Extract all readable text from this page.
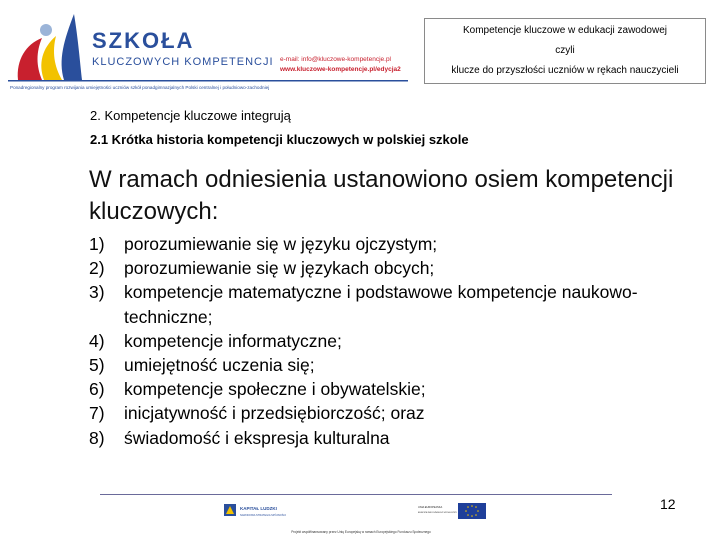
SZKOŁA
KLUCZOWYCH KOMPETENCJI e-mail: info@kluczowe-kompetencje.pl
www.kluczowe-kompetencje.pl/edycja2
Ponadregionalny program rozwijania umiejętności uczniów szkół ponadgimnazjalnych Polski centralnej i południowo-zachodniej
Kompetencje kluczowe w edukacji zawodowej
czyli
klucze do przyszłości uczniów w rękach nauczycieli
2. Kompetencje kluczowe integrują
2.1 Krótka historia kompetencji kluczowych w polskiej szkole
W ramach odniesienia ustanowiono osiem kompetencji kluczowych:
1)	porozumiewanie się w języku ojczystym;
2)	porozumiewanie się w językach obcych;
3)	kompetencje matematyczne i podstawowe kompetencje naukowo-techniczne;
4)	kompetencje informatyczne;
5)	umiejętność uczenia się;
6)	kompetencje społeczne i obywatelskie;
7)	inicjatywność i przedsiębiorczość; oraz
8)	świadomość i ekspresja kulturalna
12
KAPITAŁ LUDZKI
NARODOWA STRATEGIA SPÓJNOŚCI
UNIA EUROPEJSKA
EUROPEJSKI FUNDUSZ SPOŁECZNY
Projekt współfinansowany przez Unię Europejską w ramach Europejskiego Funduszu Społecznego
